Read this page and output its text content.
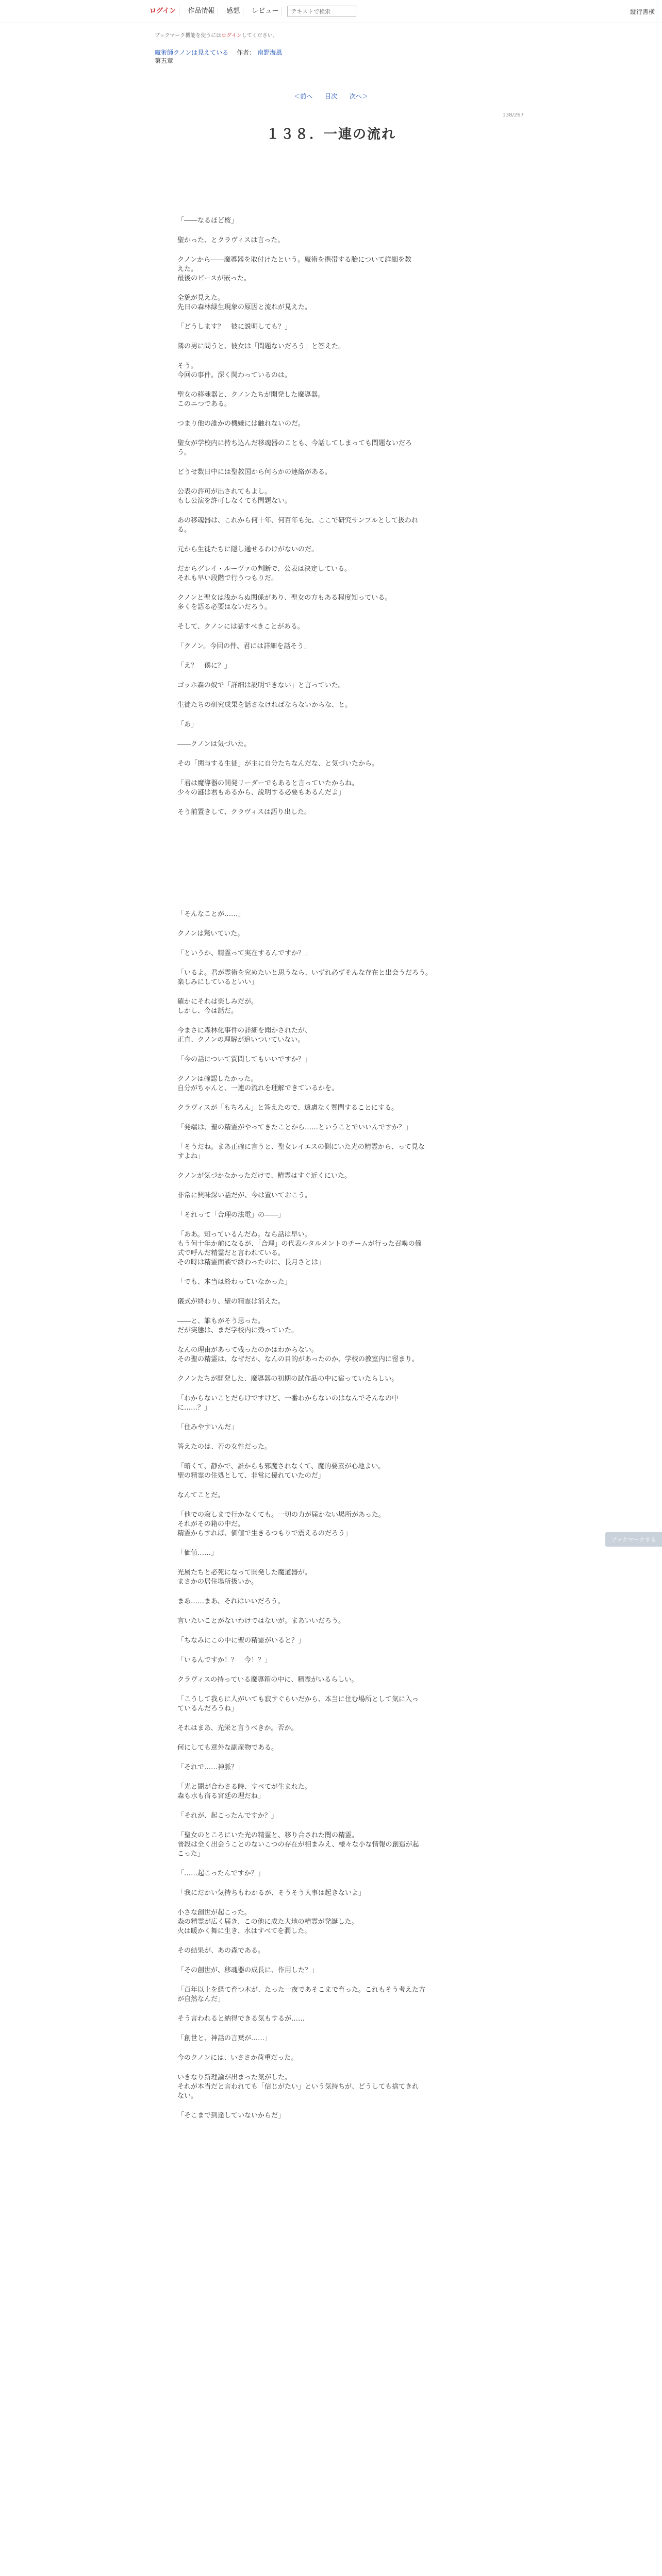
ログイン	作品情報	感想	レビュー
テキストで検索	縦行書横
ブックマーク機能を使うにはログインしてください。
魔術師クノンは見えている 作者： 南野海風
第五章
＜前へ 目次 次へ＞
138/267
１３８．一連の流れ

「――なるほど桜」

聖かった、とクラヴィスは言った。

クノンから――魔導器を取付けたという。魔術を携帯する胎について詳細を教

えた。

最後のピースが嵌った。

全貌が見えた。

先日の森林緑生現象の原因と流れが見えた。

「どうします？　彼に説明しても？」

隣の男に問うと、彼女は「問題ないだろう」と答えた。

そう。

今回の事件。深く関わっているのは。

聖女の移魂器と、クノンたちが開発した魔導器。

このニつである。

つまり他の誰かの機嫌には触れないのだ。

聖女が学校内に持ち込んだ移魂器のことも、今話してしまっても問題ないだろ

う。

どうせ数日中には聖教国から何らかの連絡がある。

公表の許可が出されてもよし。

もし公演を許可しなくても問題ない。

あの移魂器は、これから何十年、何百年も先、ここで研究サンプルとして扱われ

る。

元から生徒たちに隠し通せるわけがないのだ。

だからグレイ・ルーヴァの判断で、公表は決定している。

それも早い段階で行うつもりだ。

クノンと聖女は浅からぬ関係があり、聖女の方もある程度知っている。

多くを語る必要はないだろう。

そして、クノンには話すべきことがある。

「クノン。今回の件、君には詳細を話そう」

「え？　僕に？」

ゴッホ森の奴で「詳細は説明できない」と言っていた。

生徒たちの研究成果を話さなければならないからな、と。

「あ」

――クノンは気づいた。

その「関与する生徒」が主に自分たちなんだな、と気づいたから。

「君は魔導器の開発リーダーでもあると言っていたからね。

少々の謎は君もあるから、説明する必要もあるんだよ」

そう前置きして、クラヴィスは語り出した。

「そんなことが……」

クノンは驚いていた。

「というか、精霊って実在するんですか？」

「いるよ。君が霊術を究めたいと思うなら、いずれ必ずそんな存在と出会うだろう。

楽しみにしているといい」

確かにそれは楽しみだが。

しかし、今は話だ。

今まさに森林化事件の詳細を聞かされたが、

正直、クノンの理解が追いついていない。

「今の話について質問してもいいですか？」

クノンは確認したかった。

自分がちゃんと、一連の流れを理解できているかを。

クラヴィスが「もちろん」と答えたので、遠慮なく質問することにする。

「発端は、聖の精霊がやってきたことから……ということでいいんですか？」

「そうだね。まあ正確に言うと、聖女レイエスの側にいた光の精霊から、って見な

すよね」

クノンが気づかなかっただけで、精霊はすぐ近くにいた。

非常に興味深い話だが、今は置いておこう。

「それって「合理の法電」の――」

「ああ。知っているんだね。なら話は早い。

もう何十年か前になるが、「合理」の代表ルタルメントのチームが行った召喚の儀

式で呼んだ精霊だと言われている。

その時は精霊面談で終わったのに、長月さとは」

「でも、本当は終わっていなかった」

儀式が終わり、聖の精霊は消えた。

――と、誰もがそう思った。

だが実態は、まだ学校内に残っていた。

なんの理由があって残ったのかはわからない。

その聖の精霊は、なぜだか、なんの目的があったのか、学校の教室内に留まり。

クノンたちが開発した、魔導器の初期の試作品の中に宿っていたらしい。

「わからないことだらけですけど、一番わからないのはなんでそんなの中

に……？」

「住みやすいんだ」

答えたのは、若の女性だった。

「暗くて、静かで、誰からも邪魔されなくて、魔的要素が心地よい。

聖の精霊の住処として、非常に優れていたのだ」

なんてことだ。

「他での寂しまで行かなくても。一切の力が届かない場所があった。

それがその箱の中だ。

精霊からすれば、価値で生きるつもりで震えるのだろう」

「価値……」

光属たちと必死になって開発した魔道器が。

まさかの居住場所扱いか。

まあ……まあ、それはいいだろう。

言いたいことがないわけではないが。まあいいだろう。

「ちなみにこの中に聖の精霊がいると？」

「いるんですか！？　今！？」

クラヴィスの持っている魔導箱の中に、精霊がいるらしい。

「こうして我らに人がいても寂すぐらいだから、本当に住む場所として気に入っ

ているんだろうね」

それはまあ、光栄と言うべきか。否か。

何にしても意外な副産物である。

「それで……神脈？」

「光と闇が合わさる時、すべてが生まれた。

森も水も宿る宮廷の理だね」

「それが、起こったんですか？」

「聖女のところにいた光の精霊と、移り合された闇の精霊。

普段は全く出会うことのないこつの存在が相まみえ、様々な小な情報の創造が起

こった」

「……起こったんですか？」

「我にだかい気持ちもわかるが、そうそう大事は起きないよ」

小さな創世が起こった。

森の精霊が広く届き、この他に成た大地の精霊が発誕した。

火は暖かく舞に生き、水はすべてを潤した。

その結果が、あの森である。

「その創世が、移魂器の成長に、作用した？」

「百年以上を経て育つ木が、たった一夜であそこまで育った。これもそう考えた方

が自然なんだ」

そう言われると納得できる気もするが……

「創世と、神話の言葉が……」

今のクノンには、いささか荷重だった。

いきなり新理論が出まった気がした。

それが本当だと言われても「信じがたい」という気持ちが、どうしても捨てきれ

ない。

「そこまで到達していないからだ」

ブックマークする
